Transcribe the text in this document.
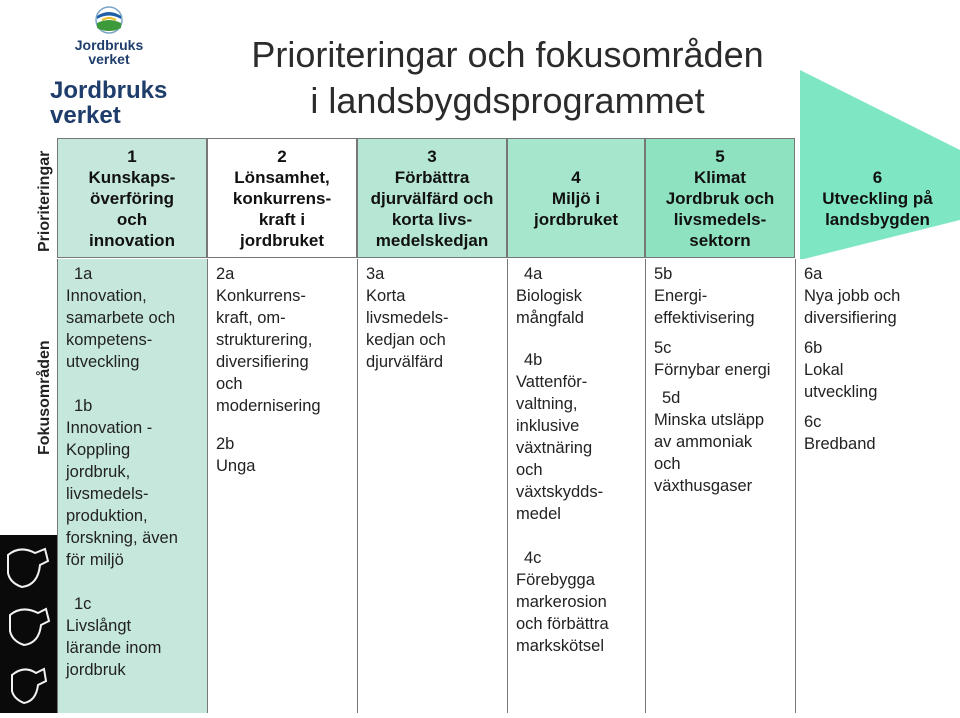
Jordbruks
verket
Jordbruks
verket
Prioriteringar och fokusområden
i landsbygdsprogrammet
Prioriteringar
Fokusområden
1
Kunskaps-
överföring
och
innovation
2
Lönsamhet,
konkurrens-
kraft i
jordbruket
3
Förbättra
djurvälfärd och
korta livs-
medelskedjan
4
Miljö i
jordbruket
5
Klimat
Jordbruk och
livsmedels-
sektorn
6
Utveckling på
landsbygden
1a
Innovation,
samarbete och
kompetens-
utveckling
1b
Innovation -
Koppling
jordbruk,
livsmedels-
produktion,
forskning, även
för miljö
1c
Livslångt
lärande inom
jordbruk
2a
Konkurrens-
kraft, om-
strukturering,
diversifiering
och
modernisering
2b
Unga
3a
Korta
livsmedels-
kedjan och
djurvälfärd
4a
Biologisk
mångfald
4b
Vattenför-
valtning,
inklusive
växtnäring
och
växtskydds-
medel
4c
Förebygga
markerosion
och förbättra
markskötsel
5b
Energi-
effektivisering
5c
Förnybar energi
5d
Minska utsläpp
av ammoniak
och
växthusgaser
6a
Nya jobb och
diversifiering
6b
Lokal
utveckling
6c
Bredband
